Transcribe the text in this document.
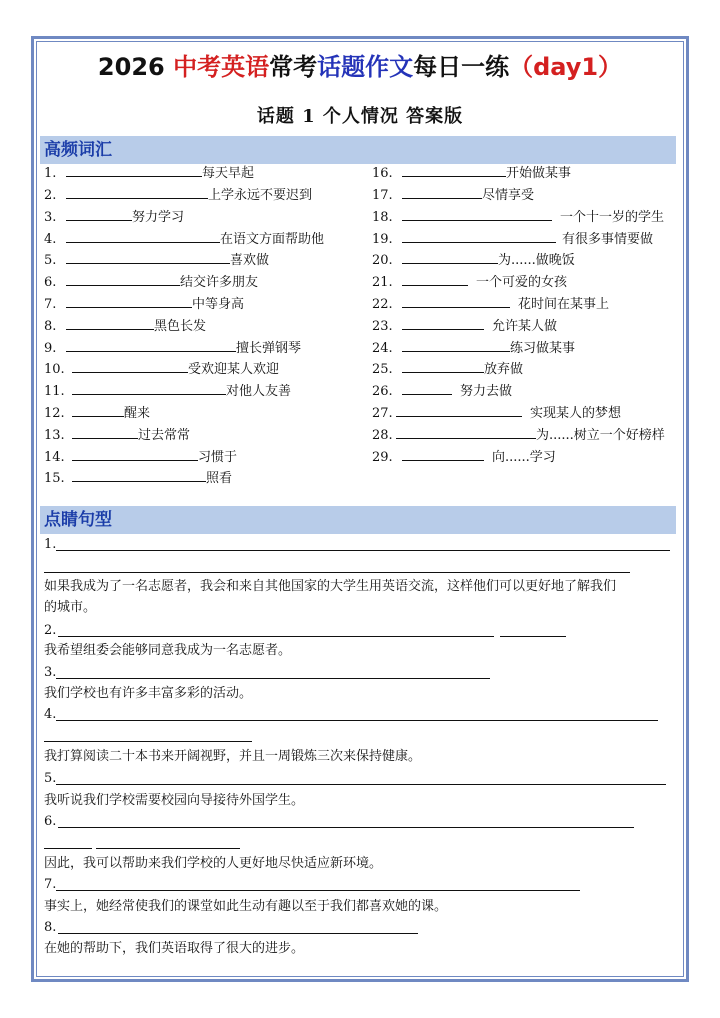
2026 中考英语常考话题作文每日一练（day1）
话题 1 个人情况 答案版
高频词汇
1.	每天早起
2.	上学永远不要迟到
3.	努力学习
4.	在语文方面帮助他
5.	喜欢做
6.	结交许多朋友
7.	中等身高
8.	黑色长发
9.	擅长弹钢琴
10.	受欢迎某人欢迎
11.	对他人友善
12.	醒来
13.	过去常常
14.	习惯于
15.	照看
16.	开始做某事
17.	尽情享受
18.	一个十一岁的学生
19.	有很多事情要做
20.	为......做晚饭
21.	一个可爱的女孩
22.	花时间在某事上
23.	允许某人做
24.	练习做某事
25.	放弃做
26.	努力去做
27.	实现某人的梦想
28.	为......树立一个好榜样
29.	向......学习
点睛句型
1.
如果我成为了一名志愿者，我会和来自其他国家的大学生用英语交流，这样他们可以更好地了解我们
的城市。
2.
我希望组委会能够同意我成为一名志愿者。
3.
我们学校也有许多丰富多彩的活动。
4.
我打算阅读二十本书来开阔视野，并且一周锻炼三次来保持健康。
5.
我听说我们学校需要校园向导接待外国学生。
6.
因此，我可以帮助来我们学校的人更好地尽快适应新环境。
7.
事实上，她经常使我们的课堂如此生动有趣以至于我们都喜欢她的课。
8.
在她的帮助下，我们英语取得了很大的进步。
